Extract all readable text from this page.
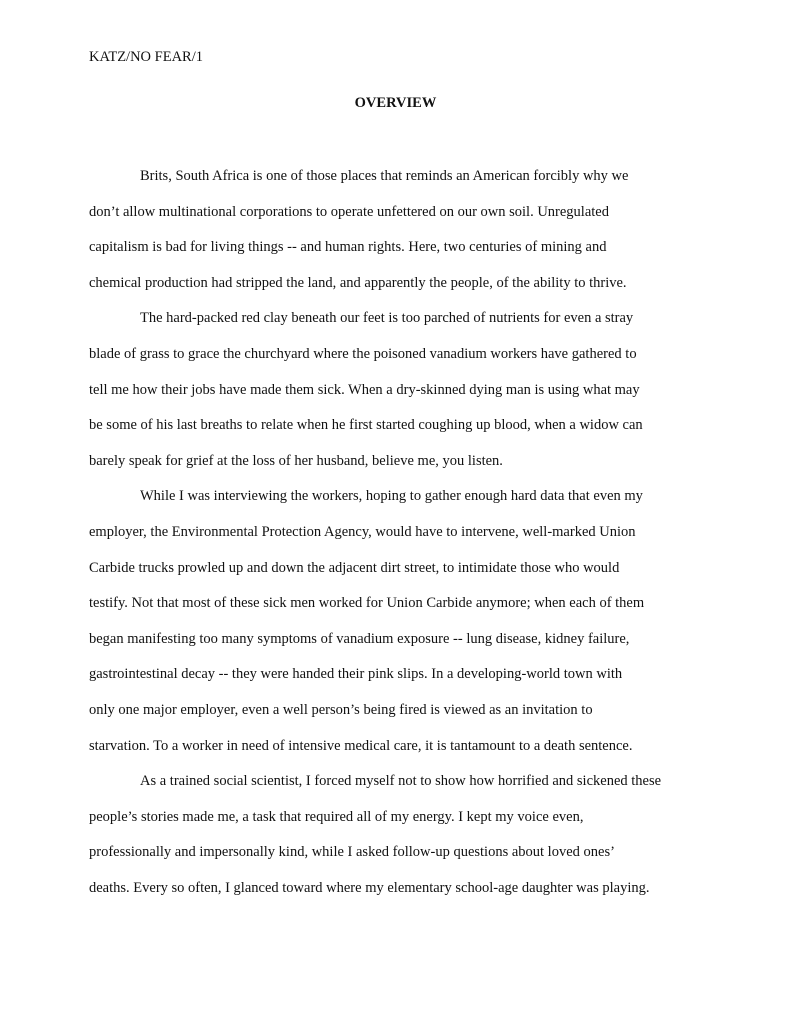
KATZ/NO FEAR/1
OVERVIEW
Brits, South Africa is one of those places that reminds an American forcibly why we
don’t allow multinational corporations to operate unfettered on our own soil. Unregulated
capitalism is bad for living things -- and human rights. Here, two centuries of mining and
chemical production had stripped the land, and apparently the people, of the ability to thrive.
The hard-packed red clay beneath our feet is too parched of nutrients for even a stray
blade of grass to grace the churchyard where the poisoned vanadium workers have gathered to
tell me how their jobs have made them sick. When a dry-skinned dying man is using what may
be some of his last breaths to relate when he first started coughing up blood, when a widow can
barely speak for grief at the loss of her husband, believe me, you listen.
While I was interviewing the workers, hoping to gather enough hard data that even my
employer, the Environmental Protection Agency, would have to intervene, well-marked Union
Carbide trucks prowled up and down the adjacent dirt street, to intimidate those who would
testify. Not that most of these sick men worked for Union Carbide anymore; when each of them
began manifesting too many symptoms of vanadium exposure -- lung disease, kidney failure,
gastrointestinal decay -- they were handed their pink slips. In a developing-world town with
only one major employer, even a well person’s being fired is viewed as an invitation to
starvation. To a worker in need of intensive medical care, it is tantamount to a death sentence.
As a trained social scientist, I forced myself not to show how horrified and sickened these
people’s stories made me, a task that required all of my energy. I kept my voice even,
professionally and impersonally kind, while I asked follow-up questions about loved ones’
deaths. Every so often, I glanced toward where my elementary school-age daughter was playing.
